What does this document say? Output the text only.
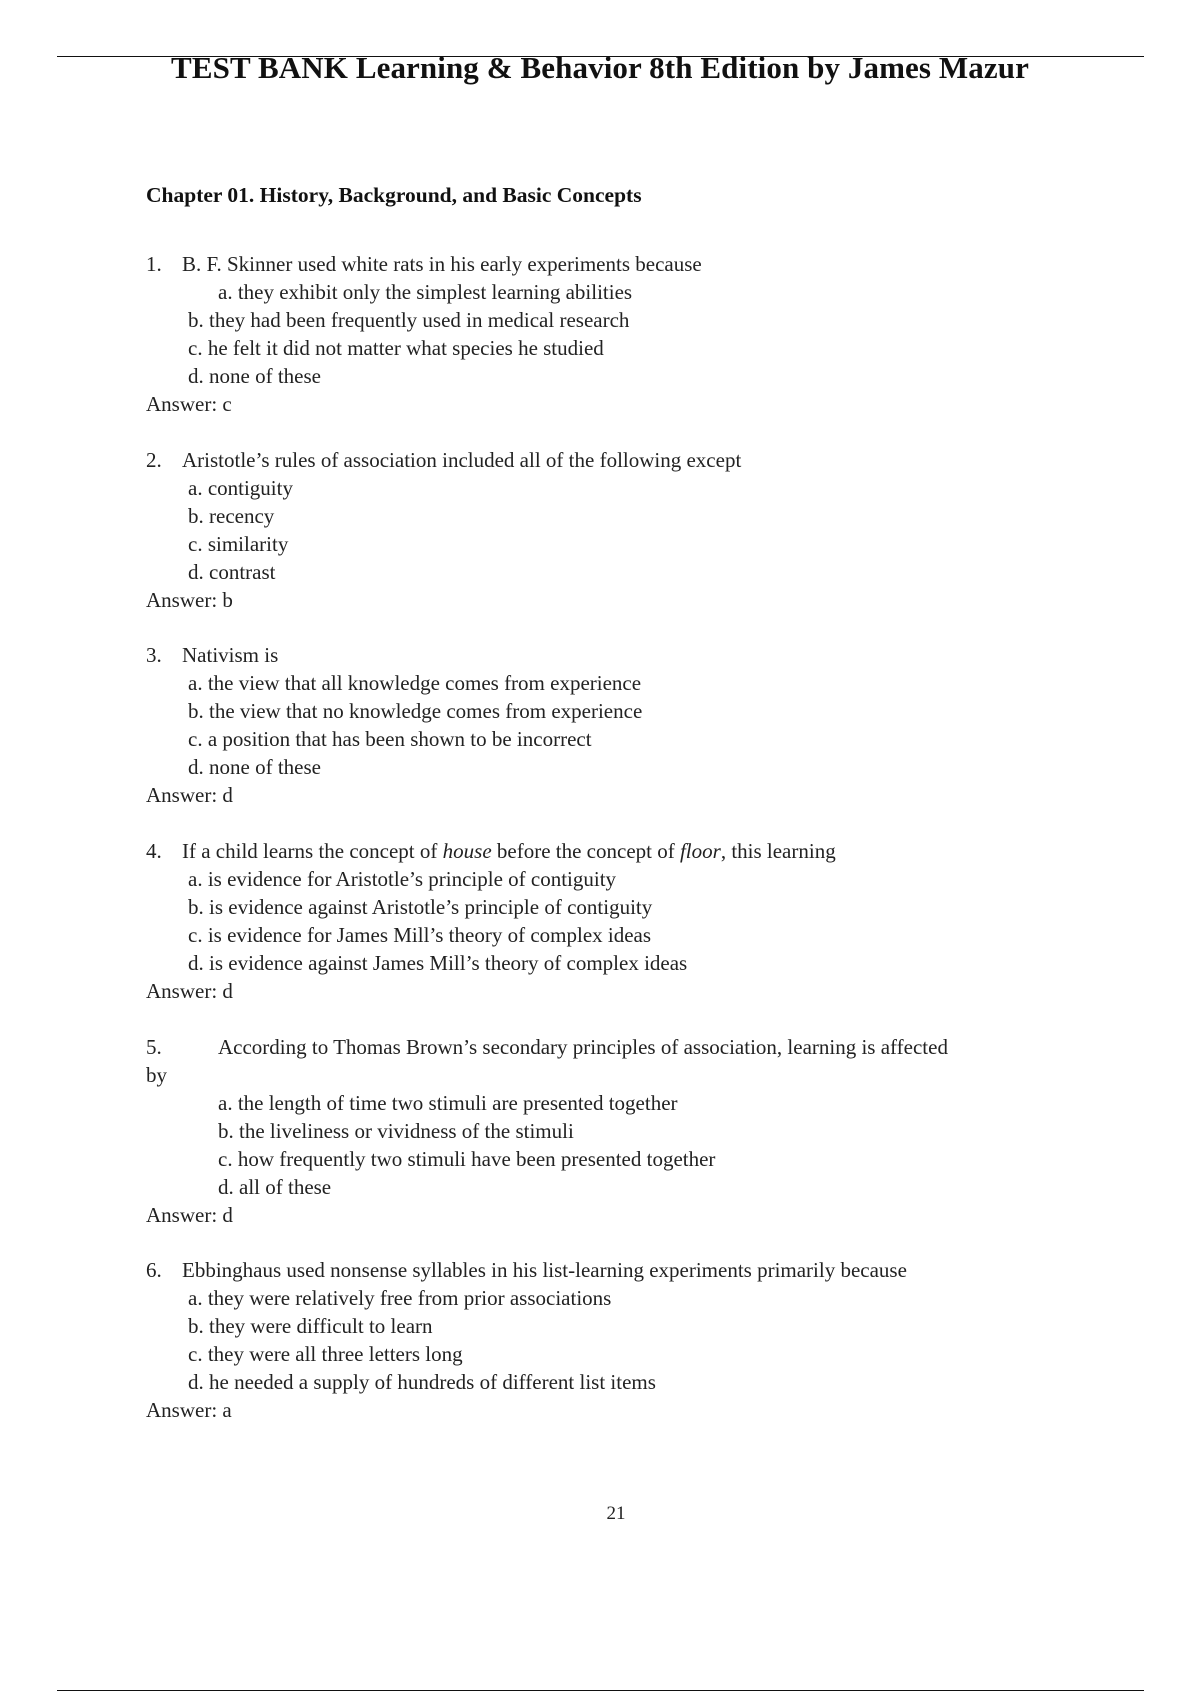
TEST BANK Learning & Behavior 8th Edition by James Mazur
Chapter 01. History, Background, and Basic Concepts
1. B. F. Skinner used white rats in his early experiments because
a. they exhibit only the simplest learning abilities
b. they had been frequently used in medical research
c. he felt it did not matter what species he studied
d. none of these
Answer: c
2. Aristotle’s rules of association included all of the following except
a. contiguity
b. recency
c. similarity
d. contrast
Answer: b
3. Nativism is
a. the view that all knowledge comes from experience
b. the view that no knowledge comes from experience
c. a position that has been shown to be incorrect
d. none of these
Answer: d
4. If a child learns the concept of house before the concept of floor, this learning
a. is evidence for Aristotle’s principle of contiguity
b. is evidence against Aristotle’s principle of contiguity
c. is evidence for James Mill’s theory of complex ideas
d. is evidence against James Mill’s theory of complex ideas
Answer: d
5.	According to Thomas Brown’s secondary principles of association, learning is affected
by
a. the length of time two stimuli are presented together
b. the liveliness or vividness of the stimuli
c. how frequently two stimuli have been presented together
d. all of these
Answer: d
6. Ebbinghaus used nonsense syllables in his list-learning experiments primarily because
a. they were relatively free from prior associations
b. they were difficult to learn
c. they were all three letters long
d. he needed a supply of hundreds of different list items
Answer: a
21
